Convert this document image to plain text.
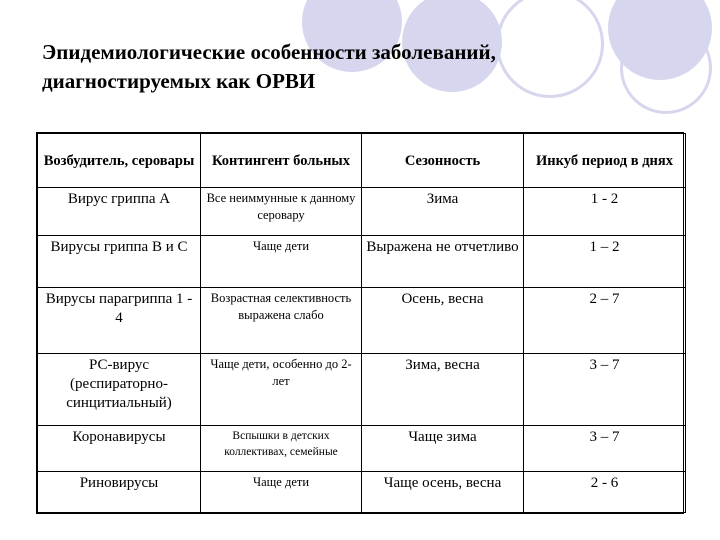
Эпидемиологические особенности заболеваний,
диагностируемых как ОРВИ
Возбудитель, серовары	Контингент больных	Сезонность	Инкуб период в днях
Вирус гриппа А	Все неиммунные к данному серовару	Зима	1 - 2
Вирусы гриппа В и С	Чаще дети	Выражена не отчетливо	1 – 2
Вирусы парагриппа 1 - 4	Возрастная селективность выражена слабо	Осень, весна	2 – 7
РС-вирус (респираторно-синцитиальный)	Чаще дети, особенно до 2- лет	Зима, весна	3 – 7
Коронавирусы	Вспышки в детских коллективах, семейные	Чаще зима	3 – 7
Риновирусы	Чаще дети	Чаще осень, весна	2 - 6
